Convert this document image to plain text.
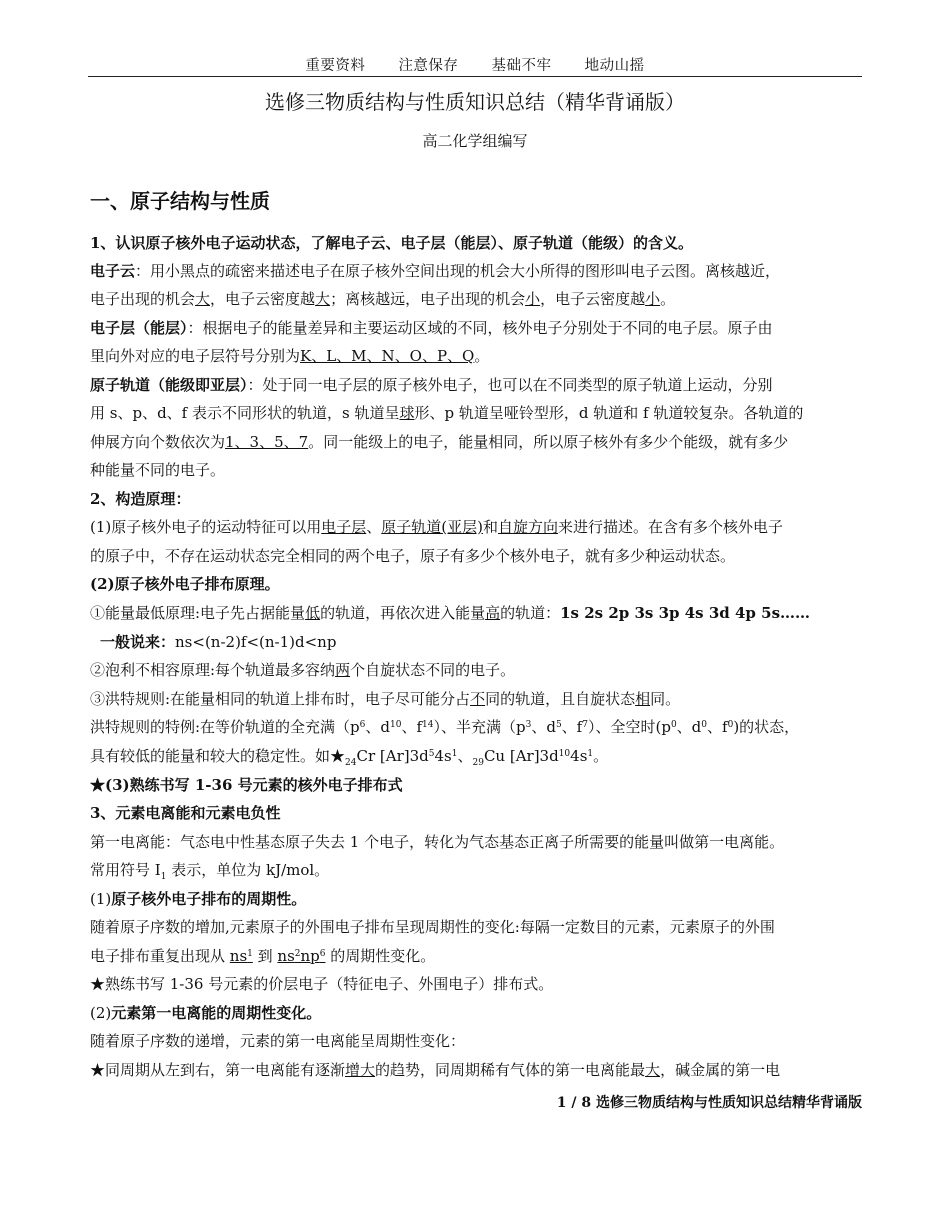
重要资料 注意保存 基础不牢 地动山摇
选修三物质结构与性质知识总结（精华背诵版）
高二化学组编写
一、原子结构与性质
1、认识原子核外电子运动状态，了解电子云、电子层（能层）、原子轨道（能级）的含义。
电子云：用小黑点的疏密来描述电子在原子核外空间出现的机会大小所得的图形叫电子云图。离核越近，
电子出现的机会大，电子云密度越大；离核越远，电子出现的机会小，电子云密度越小。
电子层（能层）：根据电子的能量差异和主要运动区域的不同，核外电子分别处于不同的电子层。原子由
里向外对应的电子层符号分别为K、L、M、N、O、P、Q。
原子轨道（能级即亚层）：处于同一电子层的原子核外电子，也可以在不同类型的原子轨道上运动，分别
用 s、p、d、f 表示不同形状的轨道，s 轨道呈球形、p 轨道呈哑铃型形，d 轨道和 f 轨道较复杂。各轨道的
伸展方向个数依次为1、3、5、7。同一能级上的电子，能量相同，所以原子核外有多少个能级，就有多少
种能量不同的电子。
2、构造原理：
(1)原子核外电子的运动特征可以用电子层、原子轨道(亚层)和自旋方向来进行描述。在含有多个核外电子
的原子中，不存在运动状态完全相同的两个电子，原子有多少个核外电子，就有多少种运动状态。
(2)原子核外电子排布原理。
①能量最低原理:电子先占据能量低的轨道，再依次进入能量高的轨道：1s 2s 2p 3s 3p 4s 3d 4p 5s……
一般说来：ns<(n-2)f<(n-1)d<np
②泡利不相容原理:每个轨道最多容纳两个自旋状态不同的电子。
③洪特规则:在能量相同的轨道上排布时，电子尽可能分占不同的轨道，且自旋状态相同。
洪特规则的特例:在等价轨道的全充满（$p^6$、$d^{10}$、$f^{14}$）、半充满（$p^3$、$d^5$、$f^7$）、全空时($p^0$、$d^0$、$f^0$)的状态，
具有较低的能量和较大的稳定性。如$★_{24}Cr$ $[Ar]3d^54s^1$、$_{29}$Cu $[Ar]3d^{10}4s^1$。
★(3)熟练书写 1-36 号元素的核外电子排布式
3、元素电离能和元素电负性
第一电离能：气态电中性基态原子失去 1 个电子，转化为气态基态正离子所需要的能量叫做第一电离能。
常用符号 $I_1$ 表示，单位为 kJ/mol。
(1)原子核外电子排布的周期性。
随着原子序数的增加,元素原子的外围电子排布呈现周期性的变化:每隔一定数目的元素，元素原子的外围
电子排布重复出现从 $ns^1$ 到 $ns^2np^6$ 的周期性变化。
★熟练书写 1-36 号元素的价层电子（特征电子、外围电子）排布式。
(2)元素第一电离能的周期性变化。
随着原子序数的递增，元素的第一电离能呈周期性变化：
★同周期从左到右，第一电离能有逐渐增大的趋势，同周期稀有气体的第一电离能最大，碱金属的第一电
1 / 8 选修三物质结构与性质知识总结精华背诵版
